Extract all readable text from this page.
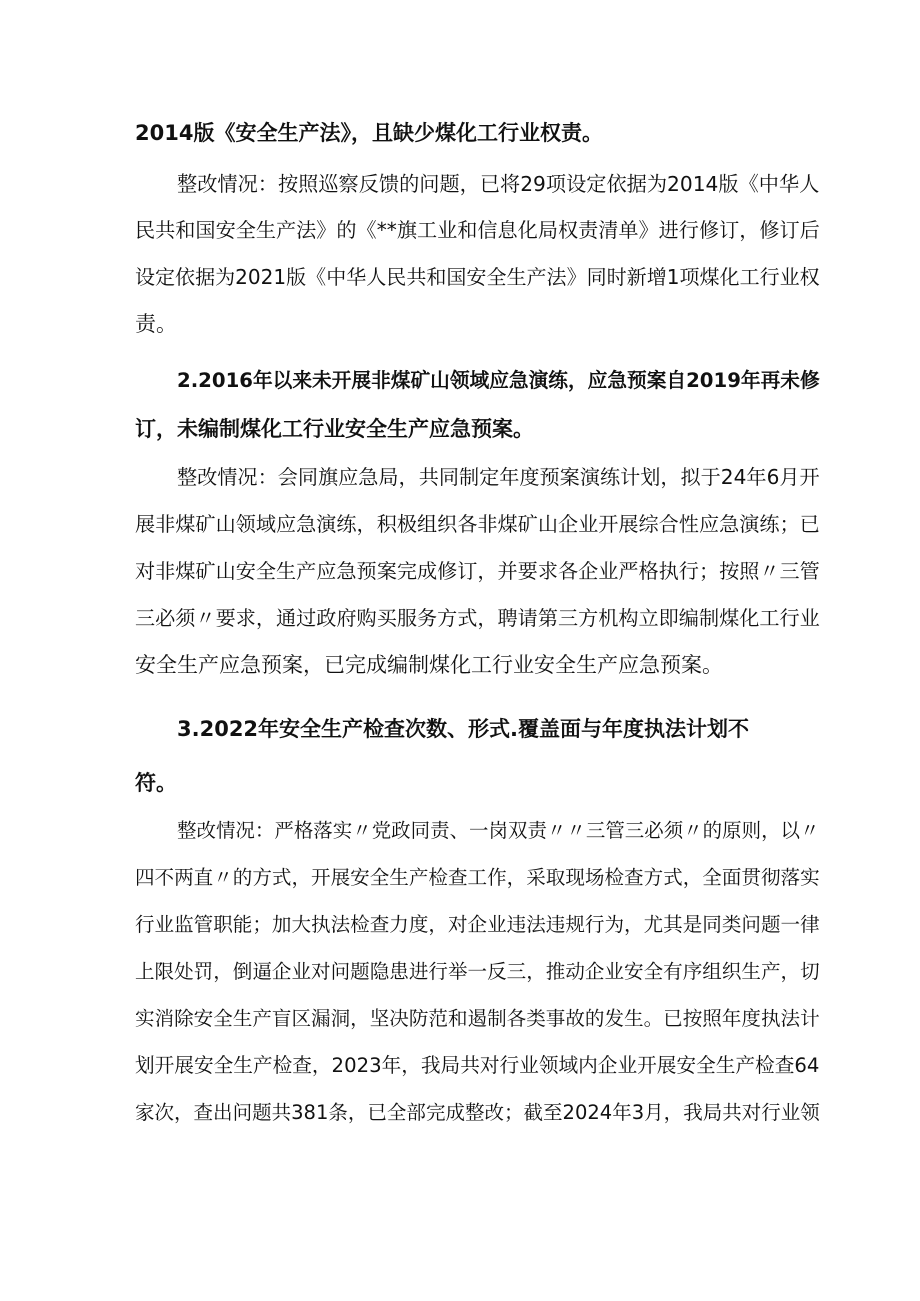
2014版《安全生产法》，且缺少煤化工行业权责。
整改情况：按照巡察反馈的问题，已将29项设定依据为2014版《中华人
民共和国安全生产法》的《**旗工业和信息化局权责清单》进行修订，修订后
设定依据为2021版《中华人民共和国安全生产法》同时新增1项煤化工行业权
责。
2.2016年以来未开展非煤矿山领域应急演练，应急预案自2019年再未修
订，未编制煤化工行业安全生产应急预案。
整改情况：会同旗应急局，共同制定年度预案演练计划，拟于24年6月开
展非煤矿山领域应急演练，积极组织各非煤矿山企业开展综合性应急演练；已
对非煤矿山安全生产应急预案完成修订，并要求各企业严格执行；按照〃三管
三必须〃要求，通过政府购买服务方式，聘请第三方机构立即编制煤化工行业
安全生产应急预案，已完成编制煤化工行业安全生产应急预案。
3.2022年安全生产检查次数、形式.覆盖面与年度执法计划不
符。
整改情况：严格落实〃党政同责、一岗双责〃〃三管三必须〃的原则，以〃
四不两直〃的方式，开展安全生产检查工作，采取现场检查方式，全面贯彻落实
行业监管职能；加大执法检查力度，对企业违法违规行为，尤其是同类问题一律
上限处罚，倒逼企业对问题隐患进行举一反三，推动企业安全有序组织生产，切
实消除安全生产盲区漏洞，坚决防范和遏制各类事故的发生。已按照年度执法计
划开展安全生产检查，2023年，我局共对行业领域内企业开展安全生产检查64
家次，查出问题共381条，已全部完成整改；截至2024年3月，我局共对行业领
